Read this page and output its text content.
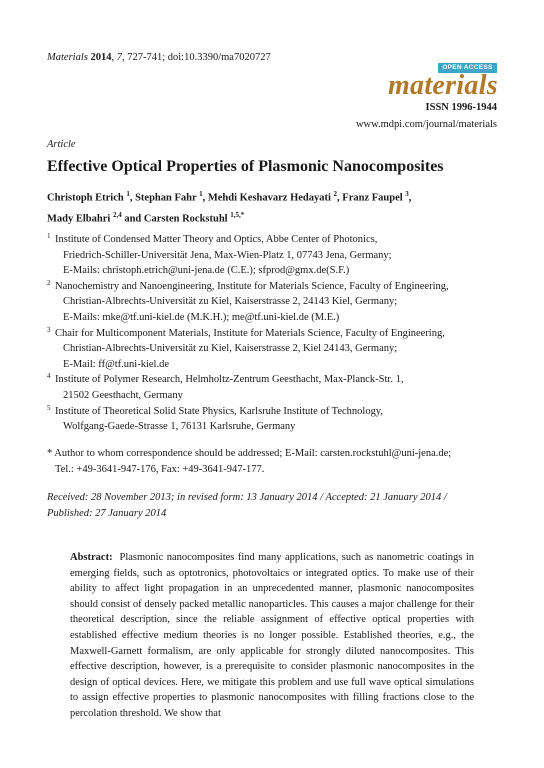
Materials 2014, 7, 727-741; doi:10.3390/ma7020727
OPEN ACCESS
materials
ISSN 1996-1944
www.mdpi.com/journal/materials
Article
Effective Optical Properties of Plasmonic Nanocomposites
Christoph Etrich $^1$, Stephan Fahr $^1$, Mehdi Keshavarz Hedayati $^2$, Franz Faupel $^3$,
Mady Elbahri $^{2,4}$ and Carsten Rockstuhl $^{1,5,*}$
1 Institute of Condensed Matter Theory and Optics, Abbe Center of Photonics,
Friedrich-Schiller-Universität Jena, Max-Wien-Platz 1, 07743 Jena, Germany;
E-Mails: christoph.etrich@uni-jena.de (C.E.); sfprod@gmx.de(S.F.)
2 Nanochemistry and Nanoengineering, Institute for Materials Science, Faculty of Engineering,
Christian-Albrechts-Universität zu Kiel, Kaiserstrasse 2, 24143 Kiel, Germany;
E-Mails: mke@tf.uni-kiel.de (M.K.H.); me@tf.uni-kiel.de (M.E.)
3 Chair for Multicomponent Materials, Institute for Materials Science, Faculty of Engineering,
Christian-Albrechts-Universität zu Kiel, Kaiserstrasse 2, Kiel 24143, Germany;
E-Mail: ff@tf.uni-kiel.de
4 Institute of Polymer Research, Helmholtz-Zentrum Geesthacht, Max-Planck-Str. 1,
21502 Geesthacht, Germany
5 Institute of Theoretical Solid State Physics, Karlsruhe Institute of Technology,
Wolfgang-Gaede-Strasse 1, 76131 Karlsruhe, Germany
* Author to whom correspondence should be addressed; E-Mail: carsten.rockstuhl@uni-jena.de;
Tel.: +49-3641-947-176, Fax: +49-3641-947-177.
Received: 28 November 2013; in revised form: 13 January 2014 / Accepted: 21 January 2014 /
Published: 27 January 2014

Abstract: Plasmonic nanocomposites find many applications, such as nanometric coatings in emerging fields, such as optotronics, photovoltaics or integrated optics. To make use of their ability to affect light propagation in an unprecedented manner, plasmonic nanocomposites should consist of densely packed metallic nanoparticles. This causes a major challenge for their theoretical description, since the reliable assignment of effective optical properties with established effective medium theories is no longer possible. Established theories, e.g., the Maxwell-Garnett formalism, are only applicable for strongly diluted nanocomposites. This effective description, however, is a prerequisite to consider plasmonic nanocomposites in the design of optical devices. Here, we mitigate this problem and use full wave optical simulations to assign effective properties to plasmonic nanocomposites with filling fractions close to the percolation threshold. We show that
